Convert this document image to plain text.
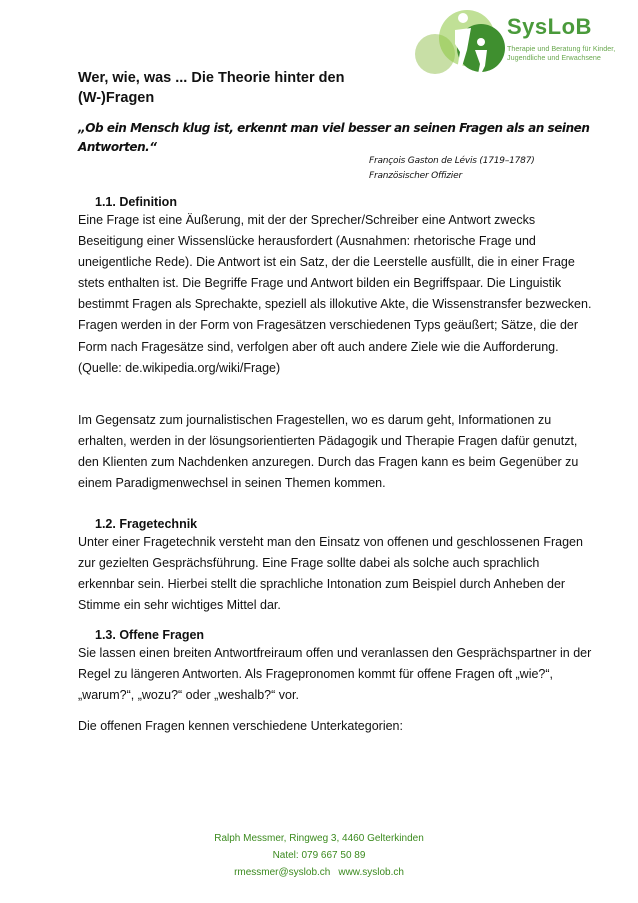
SysLoB
Therapie und Beratung für Kinder,
Jugendliche und Erwachsene
Wer, wie, was ... Die Theorie hinter den
(W-)Fragen
„Ob ein Mensch klug ist, erkennt man viel besser an seinen Fragen als an seinen
Antworten.“
François Gaston de Lévis (1719–1787)
Französischer Offizier
1.1. Definition
Eine Frage ist eine Äußerung, mit der der Sprecher/Schreiber eine Antwort zwecks
Beseitigung einer Wissenslücke herausfordert (Ausnahmen: rhetorische Frage und
uneigentliche Rede). Die Antwort ist ein Satz, der die Leerstelle ausfüllt, die in einer Frage
stets enthalten ist. Die Begriffe Frage und Antwort bilden ein Begriffspaar. Die Linguistik
bestimmt Fragen als Sprechakte, speziell als illokutive Akte, die Wissenstransfer bezwecken.
Fragen werden in der Form von Fragesätzen verschiedenen Typs geäußert; Sätze, die der
Form nach Fragesätze sind, verfolgen aber oft auch andere Ziele wie die Aufforderung.
(Quelle: de.wikipedia.org/wiki/Frage)
Im Gegensatz zum journalistischen Fragestellen, wo es darum geht, Informationen zu
erhalten, werden in der lösungsorientierten Pädagogik und Therapie Fragen dafür genutzt,
den Klienten zum Nachdenken anzuregen. Durch das Fragen kann es beim Gegenüber zu
einem Paradigmenwechsel in seinen Themen kommen.
1.2. Fragetechnik
Unter einer Fragetechnik versteht man den Einsatz von offenen und geschlossenen Fragen
zur gezielten Gesprächsführung. Eine Frage sollte dabei als solche auch sprachlich
erkennbar sein. Hierbei stellt die sprachliche Intonation zum Beispiel durch Anheben der
Stimme ein sehr wichtiges Mittel dar.
1.3. Offene Fragen
Sie lassen einen breiten Antwortfreiraum offen und veranlassen den Gesprächspartner in der
Regel zu längeren Antworten. Als Fragepronomen kommt für offene Fragen oft „wie?“,
„warum?“, „wozu?“ oder „weshalb?“ vor.
Die offenen Fragen kennen verschiedene Unterkategorien:
Ralph Messmer, Ringweg 3, 4460 Gelterkinden
Natel: 079 667 50 89
rmessmer@syslob.ch www.syslob.ch
